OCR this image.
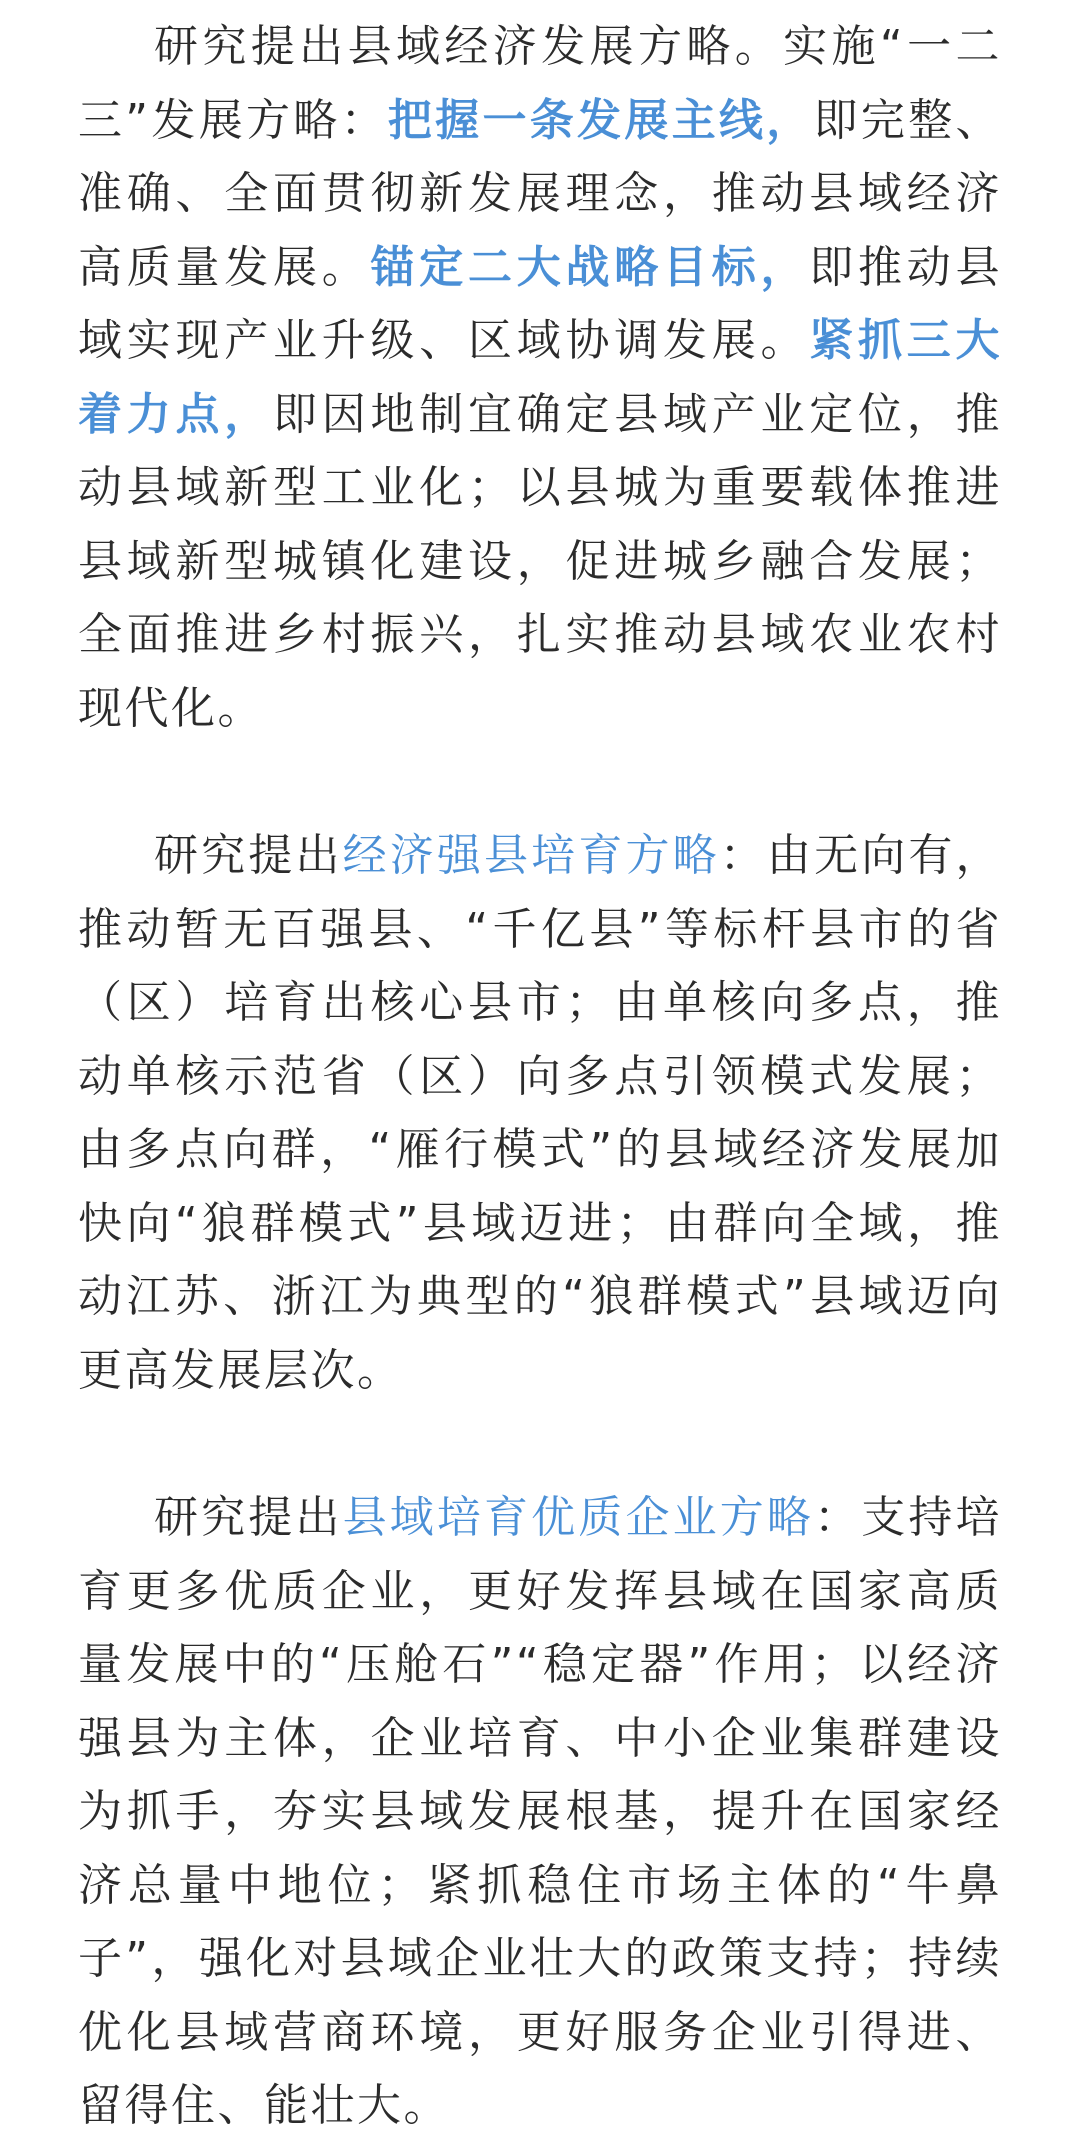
研究提出县域经济发展方略。实施“一二三”发展方略：把握一条发展主线，即完整、准确、全面贯彻新发展理念，推动县域经济高质量发展。锚定二大战略目标，即推动县域实现产业升级、区域协调发展。紧抓三大着力点，即因地制宜确定县域产业定位，推动县域新型工业化；以县城为重要载体推进县域新型城镇化建设，促进城乡融合发展；全面推进乡村振兴，扎实推动县域农业农村现代化。

研究提出经济强县培育方略：由无向有，推动暂无百强县、“千亿县”等标杆县市的省（区）培育出核心县市；由单核向多点，推动单核示范省（区）向多点引领模式发展；由多点向群，“雁行模式”的县域经济发展加快向“狼群模式”县域迈进；由群向全域，推动江苏、浙江为典型的“狼群模式”县域迈向更高发展层次。

研究提出县域培育优质企业方略：支持培育更多优质企业，更好发挥县域在国家高质量发展中的“压舱石”“稳定器”作用；以经济强县为主体，企业培育、中小企业集群建设为抓手，夯实县域发展根基，提升在国家经济总量中地位；紧抓稳住市场主体的“牛鼻子”，强化对县域企业壮大的政策支持；持续优化县域营商环境，更好服务企业引得进、留得住、能壮大。
